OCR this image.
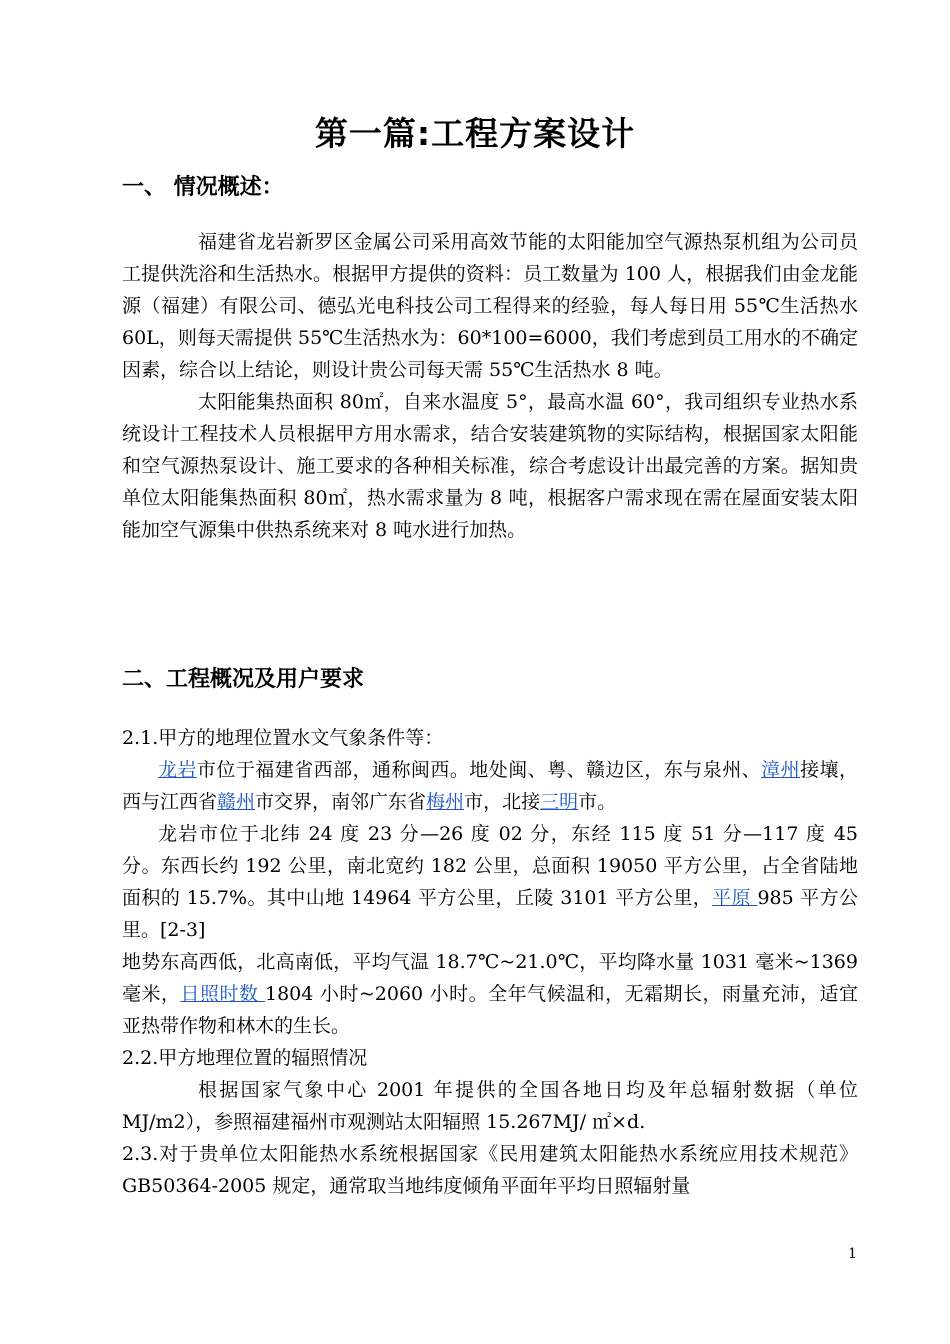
第一篇:工程方案设计
一、 情况概述：

福建省龙岩新罗区金属公司采用高效节能的太阳能加空气源热泵机组为公司员工提供洗浴和生活热水。根据甲方提供的资料：员工数量为 100 人，根据我们由金龙能源（福建）有限公司、德弘光电科技公司工程得来的经验，每人每日用 55℃生活热水 60L，则每天需提供 55℃生活热水为：60*100=6000，我们考虑到员工用水的不确定因素，综合以上结论，则设计贵公司每天需 55℃生活热水 8 吨。

太阳能集热面积 80㎡，自来水温度 5°，最高水温 60°，我司组织专业热水系统设计工程技术人员根据甲方用水需求，结合安装建筑物的实际结构，根据国家太阳能和空气源热泵设计、施工要求的各种相关标准，综合考虑设计出最完善的方案。据知贵单位太阳能集热面积 80㎡，热水需求量为 8 吨，根据客户需求现在需在屋面安装太阳能加空气源集中供热系统来对 8 吨水进行加热。

二、工程概况及用户要求

2.1.甲方的地理位置水文气象条件等：

龙岩市位于福建省西部，通称闽西。地处闽、粤、赣边区，东与泉州、漳州接壤，西与江西省赣州市交界，南邻广东省梅州市，北接三明市。

龙岩市位于北纬 24 度 23 分—26 度 02 分，东经 115 度 51 分—117 度 45 分。东西长约 192 公里，南北宽约 182 公里，总面积 19050 平方公里，占全省陆地面积的 15.7%。其中山地 14964 平方公里，丘陵 3101 平方公里，平原 985 平方公里。[2-3]

地势东高西低，北高南低，平均气温 18.7℃~21.0℃，平均降水量 1031 毫米~1369 毫米，日照时数 1804 小时~2060 小时。全年气候温和，无霜期长，雨量充沛，适宜亚热带作物和林木的生长。

2.2.甲方地理位置的辐照情况

根据国家气象中心 2001 年提供的全国各地日均及年总辐射数据（单位 MJ/m2），参照福建福州市观测站太阳辐照 15.267MJ/ ㎡×d.

2.3.对于贵单位太阳能热水系统根据国家《民用建筑太阳能热水系统应用技术规范》GB50364-2005 规定，通常取当地纬度倾角平面年平均日照辐射量

1
